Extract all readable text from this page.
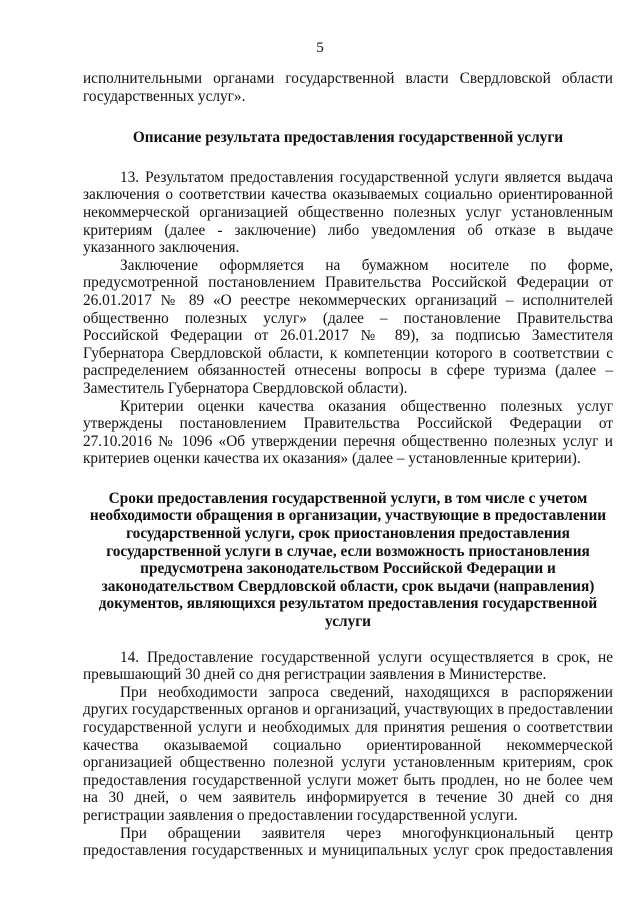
5

исполнительными органами государственной власти Свердловской области государственных услуг».

Описание результата предоставления государственной услуги

13. Результатом предоставления государственной услуги является выдача заключения о соответствии качества оказываемых социально ориентированной некоммерческой организацией общественно полезных услуг установленным критериям (далее - заключение) либо уведомления об отказе в выдаче указанного заключения.

Заключение оформляется на бумажном носителе по форме, предусмотренной постановлением Правительства Российской Федерации от 26.01.2017 № 89 «О реестре некоммерческих организаций – исполнителей общественно полезных услуг» (далее – постановление Правительства Российской Федерации от 26.01.2017 № 89), за подписью Заместителя Губернатора Свердловской области, к компетенции которого в соответствии с распределением обязанностей отнесены вопросы в сфере туризма (далее – Заместитель Губернатора Свердловской области).

Критерии оценки качества оказания общественно полезных услуг утверждены постановлением Правительства Российской Федерации от 27.10.2016 № 1096 «Об утверждении перечня общественно полезных услуг и критериев оценки качества их оказания» (далее – установленные критерии).

Сроки предоставления государственной услуги, в том числе с учетом необходимости обращения в организации, участвующие в предоставлении государственной услуги, срок приостановления предоставления государственной услуги в случае, если возможность приостановления предусмотрена законодательством Российской Федерации и законодательством Свердловской области, срок выдачи (направления) документов, являющихся результатом предоставления государственной услуги

14. Предоставление государственной услуги осуществляется в срок, не превышающий 30 дней со дня регистрации заявления в Министерстве.

При необходимости запроса сведений, находящихся в распоряжении других государственных органов и организаций, участвующих в предоставлении государственной услуги и необходимых для принятия решения о соответствии качества оказываемой социально ориентированной некоммерческой организацией общественно полезной услуги установленным критериям, срок предоставления государственной услуги может быть продлен, но не более чем на 30 дней, о чем заявитель информируется в течение 30 дней со дня регистрации заявления о предоставлении государственной услуги.

При обращении заявителя через многофункциональный центр предоставления государственных и муниципальных услуг срок предоставления
